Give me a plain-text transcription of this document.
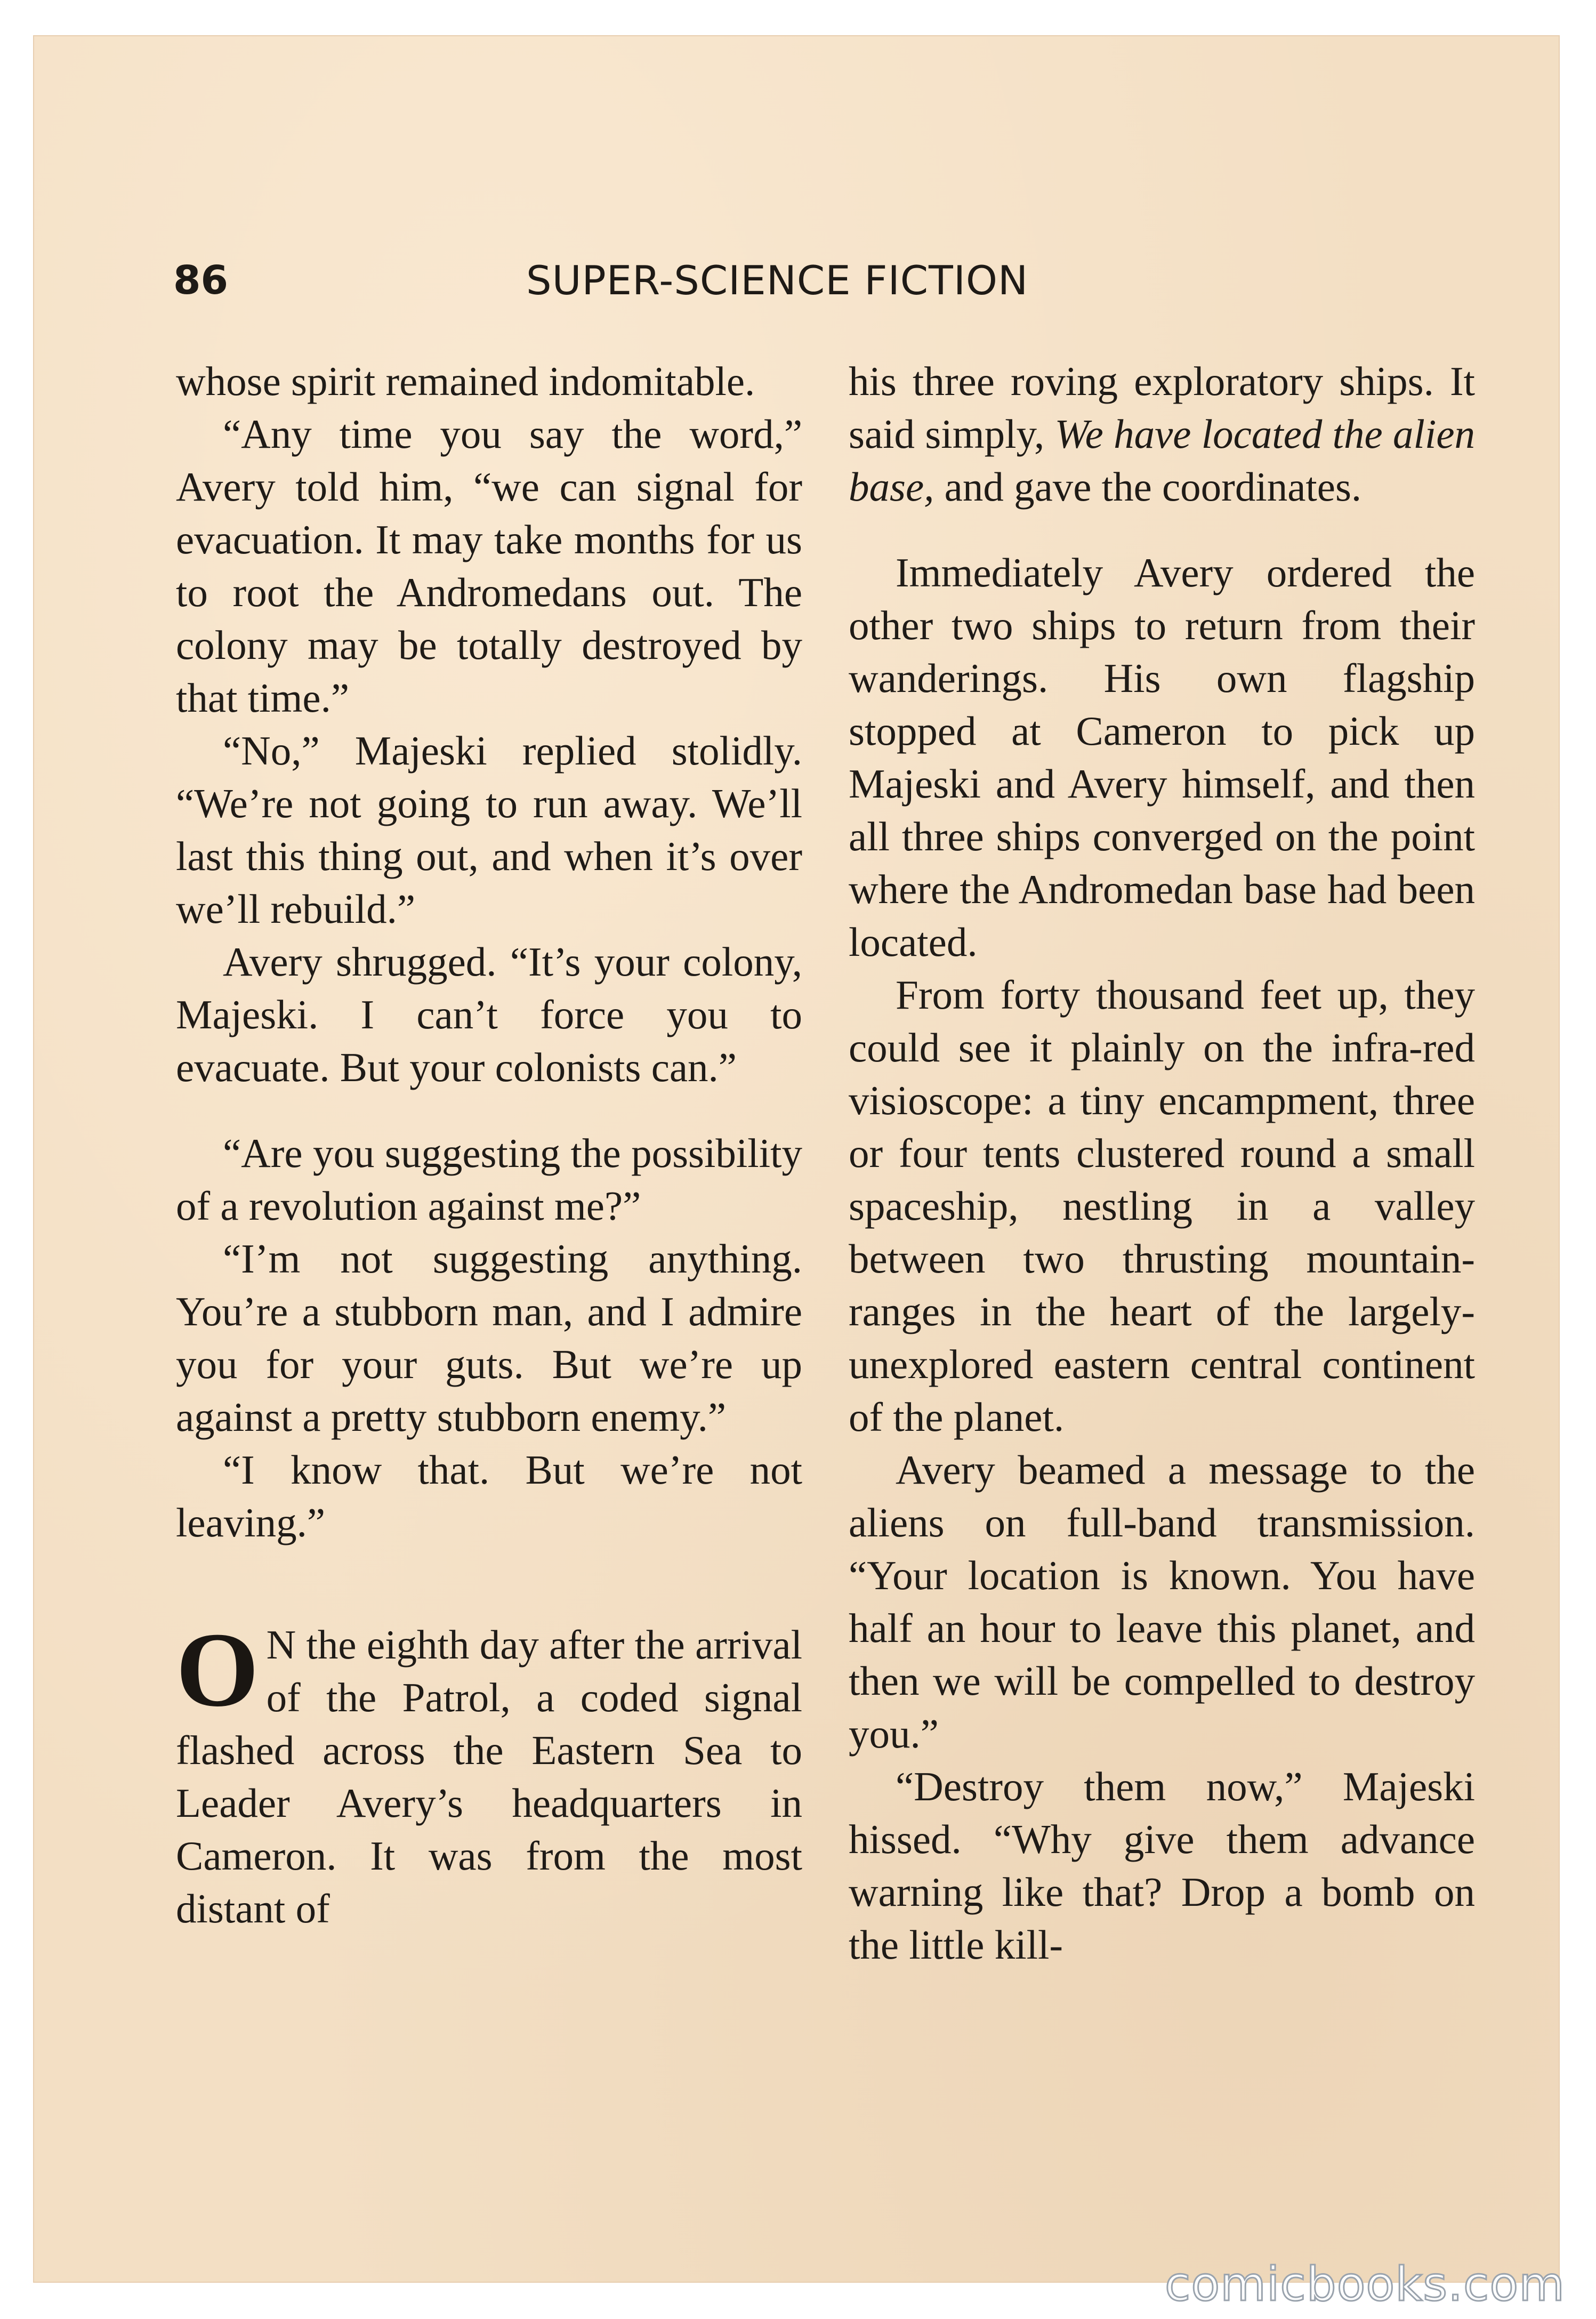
86	SUPER-SCIENCE FICTION

whose spirit remained indomitable.

“Any time you say the word,” Avery told him, “we can signal for evacuation. It may take months for us to root the Andromedans out. The colony may be totally destroyed by that time.”

“No,” Majeski replied stolidly. “We’re not going to run away. We’ll last this thing out, and when it’s over we’ll rebuild.”

Avery shrugged. “It’s your colony, Majeski. I can’t force you to evacuate. But your colonists can.”

“Are you suggesting the possibility of a revolution against me?”

“I’m not suggesting anything. You’re a stubborn man, and I admire you for your guts. But we’re up against a pretty stubborn enemy.”

“I know that. But we’re not leaving.”

O N the eighth day after the arrival of the Patrol, a coded signal flashed across the Eastern Sea to Leader Avery’s headquarters in Cameron. It was from the most distant of

his three roving exploratory ships. It said simply, We have located the alien base, and gave the coordinates.

Immediately Avery ordered the other two ships to return from their wanderings. His own flagship stopped at Cameron to pick up Majeski and Avery himself, and then all three ships converged on the point where the Andromedan base had been located.

From forty thousand feet up, they could see it plainly on the infra-red visioscope: a tiny encampment, three or four tents clustered round a small spaceship, nestling in a valley between two thrusting mountain-ranges in the heart of the largely-unexplored eastern central continent of the planet.

Avery beamed a message to the aliens on full-band transmission. “Your location is known. You have half an hour to leave this planet, and then we will be compelled to destroy you.”

“Destroy them now,” Majeski hissed. “Why give them advance warning like that? Drop a bomb on the little kill-

comicbooks.com
